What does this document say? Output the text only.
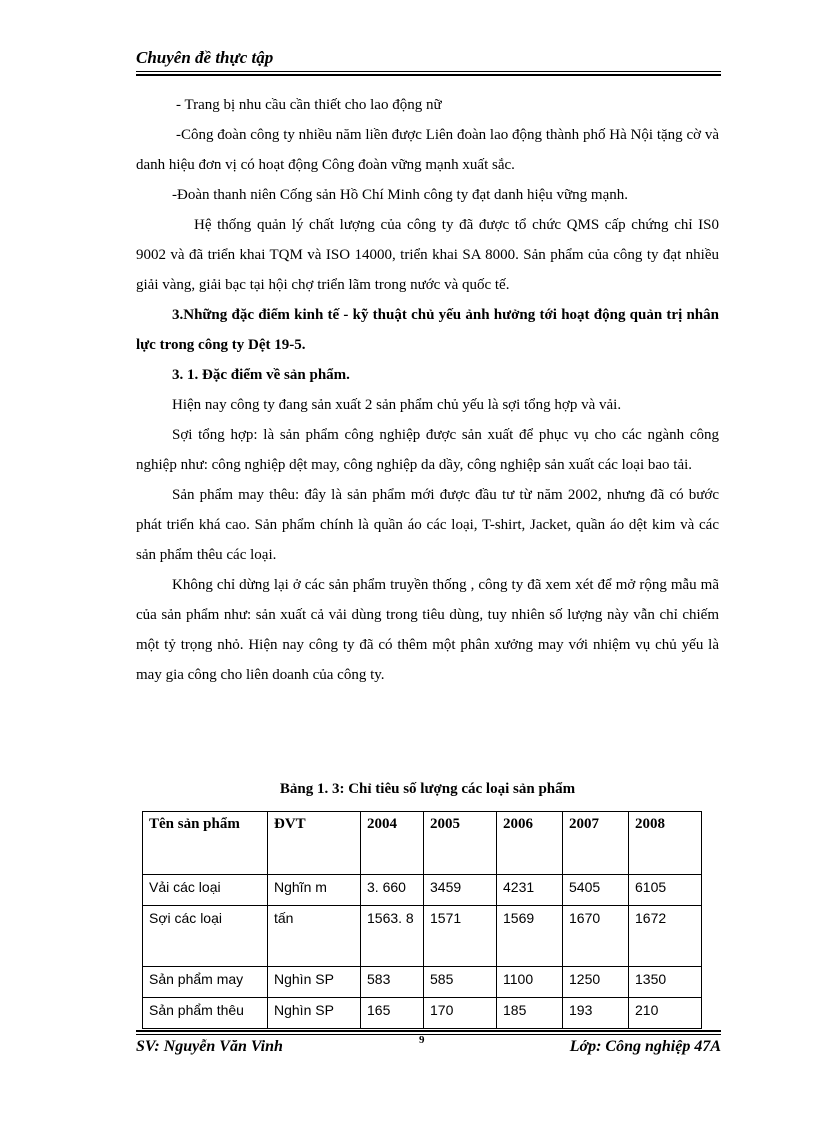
Chuyên đề thực tập

- Trang bị nhu cầu cần thiết cho lao động nữ

-Công đoàn công ty nhiều năm liền được Liên đoàn lao động thành phố Hà Nội tặng cờ và danh hiệu đơn vị có hoạt động Công đoàn vững mạnh xuất sắc.

-Đoàn thanh niên Cống sản Hồ Chí Minh công ty đạt danh hiệu vững mạnh.

Hệ thống quản lý chất lượng của công ty đã được tổ chức QMS cấp chứng chỉ IS0 9002 và đã triển khai TQM và ISO 14000, triển khai SA 8000. Sản phẩm của công ty đạt nhiều giải vàng, giải bạc tại hội chợ triển lãm trong nước và quốc tế.

3.Những đặc điểm kinh tế - kỹ thuật chủ yếu ảnh hưởng tới hoạt động quản trị nhân lực trong công ty Dệt 19-5.

3. 1. Đặc điểm về sản phẩm.

Hiện nay công ty đang sản xuất 2 sản phẩm chủ yếu là sợi tổng hợp và vải.

Sợi tổng hợp: là sản phẩm công nghiệp được sản xuất để phục vụ cho các ngành công nghiệp như: công nghiệp dệt may, công nghiệp da dầy, công nghiệp sản xuất các loại bao tải.

Sản phẩm may thêu: đây là sản phẩm mới được đầu tư từ năm 2002, nhưng đã có bước phát triển khá cao. Sản phẩm chính là quần áo các loại, T-shirt, Jacket, quần áo dệt kim và các sản phẩm thêu các loại.

Không chỉ dừng lại ở các sản phẩm truyền thống , công ty đã xem xét để mở rộng mẫu mã của sản phẩm như: sản xuất cả vải dùng trong tiêu dùng, tuy nhiên số lượng này vẫn chỉ chiếm một tỷ trọng nhỏ. Hiện nay công ty đã có thêm một phân xưởng may với nhiệm vụ chủ yếu là may gia công cho liên doanh của công ty.

Bảng 1. 3: Chỉ tiêu số lượng các loại sản phẩm
Tên sản phẩm	ĐVT	2004	2005	2006	2007	2008
Vải các loại	Nghĩn m	3. 660	3459	4231	5405	6105
Sợi các loại	tấn	1563. 8	1571	1569	1670	1672
Sản phẩm may	Nghìn SP	583	585	1100	1250	1350
Sản phẩm thêu	Nghìn SP	165	170	185	193	210
SV: Nguyễn Văn Vinh	9	Lớp: Công nghiệp 47A
